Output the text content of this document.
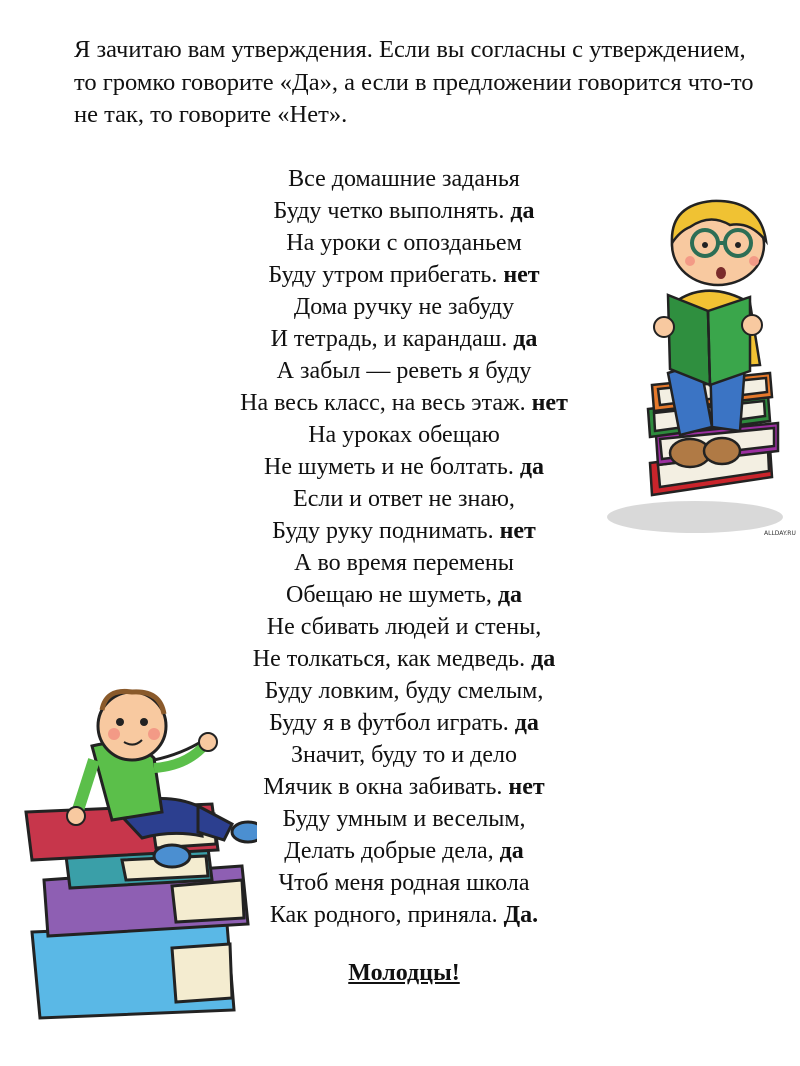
Я зачитаю вам утверждения. Если вы согласны с утверждением, то громко говорите «Да», а если в предложении говорится что-то не так, то говорите «Нет».

Все домашние заданья
Буду четко выполнять. да
На уроки с опозданьем
Буду утром прибегать. нет
Дома ручку не забуду
И тетрадь, и карандаш. да
А забыл — реветь я буду
На весь класс, на весь этаж. нет
На уроках обещаю
Не шуметь и не болтать. да
Если и ответ не знаю,
Буду руку поднимать. нет
А во время перемены
Обещаю не шуметь, да
Не сбивать людей и стены,
Не толкаться, как медведь. да
Буду ловким, буду смелым,
Буду я в футбол играть. да
Значит, буду то и дело
Мячик в окна забивать. нет
Буду умным и веселым,
Делать добрые дела, да
Чтоб меня родная школа
Как родного, приняла. Да.
Молодцы!
ALLDAY.RU
